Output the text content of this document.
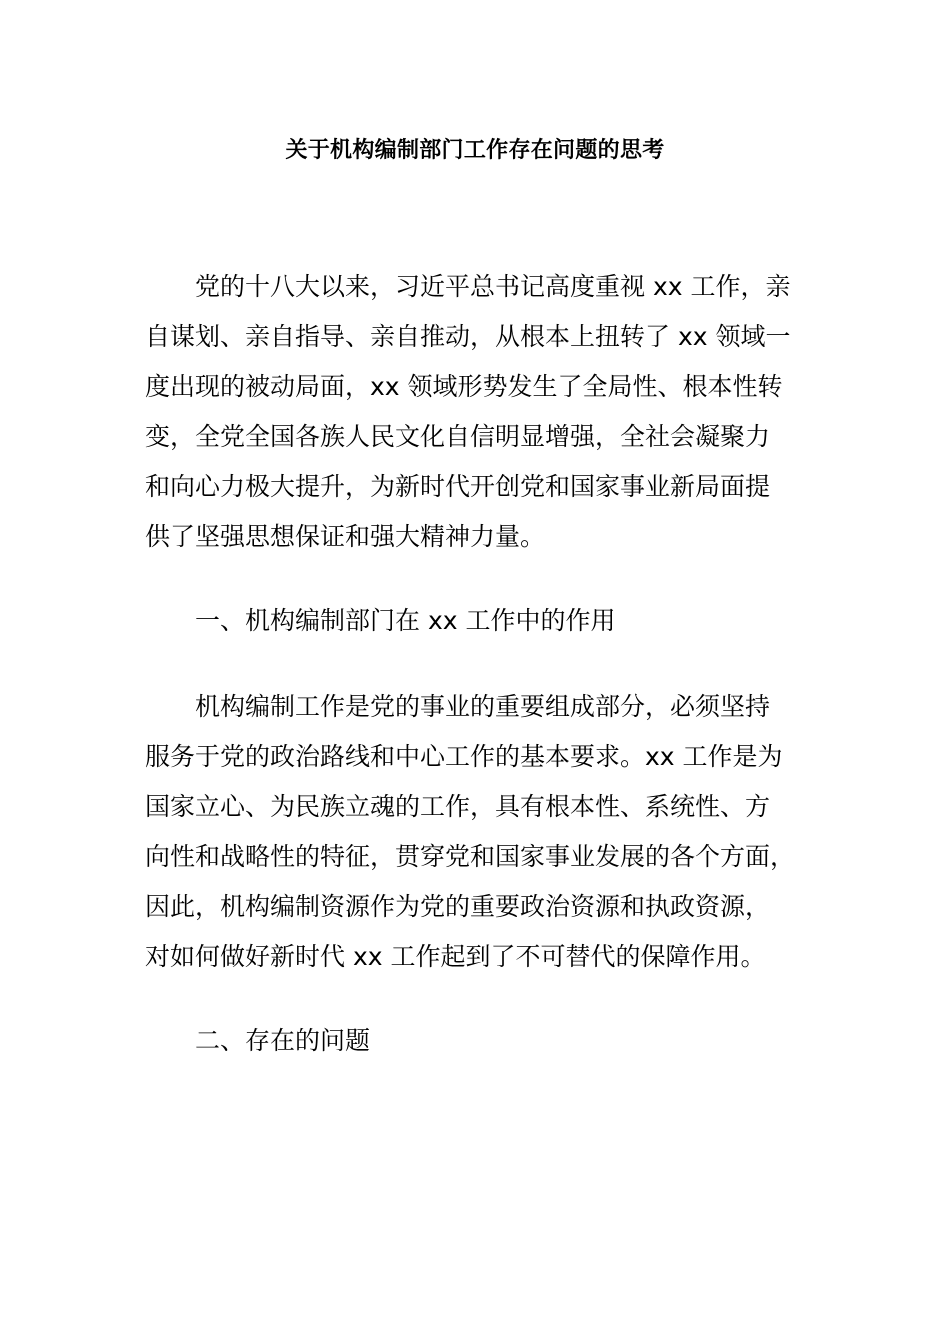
关于机构编制部门工作存在问题的思考
党的十八大以来，习近平总书记高度重视 xx 工作，亲
自谋划、亲自指导、亲自推动，从根本上扭转了 xx 领域一
度出现的被动局面，xx 领域形势发生了全局性、根本性转
变，全党全国各族人民文化自信明显增强，全社会凝聚力
和向心力极大提升，为新时代开创党和国家事业新局面提
供了坚强思想保证和强大精神力量。
一、机构编制部门在 xx 工作中的作用
机构编制工作是党的事业的重要组成部分，必须坚持
服务于党的政治路线和中心工作的基本要求。xx 工作是为
国家立心、为民族立魂的工作，具有根本性、系统性、方
向性和战略性的特征，贯穿党和国家事业发展的各个方面，
因此，机构编制资源作为党的重要政治资源和执政资源，
对如何做好新时代 xx 工作起到了不可替代的保障作用。
二、存在的问题
